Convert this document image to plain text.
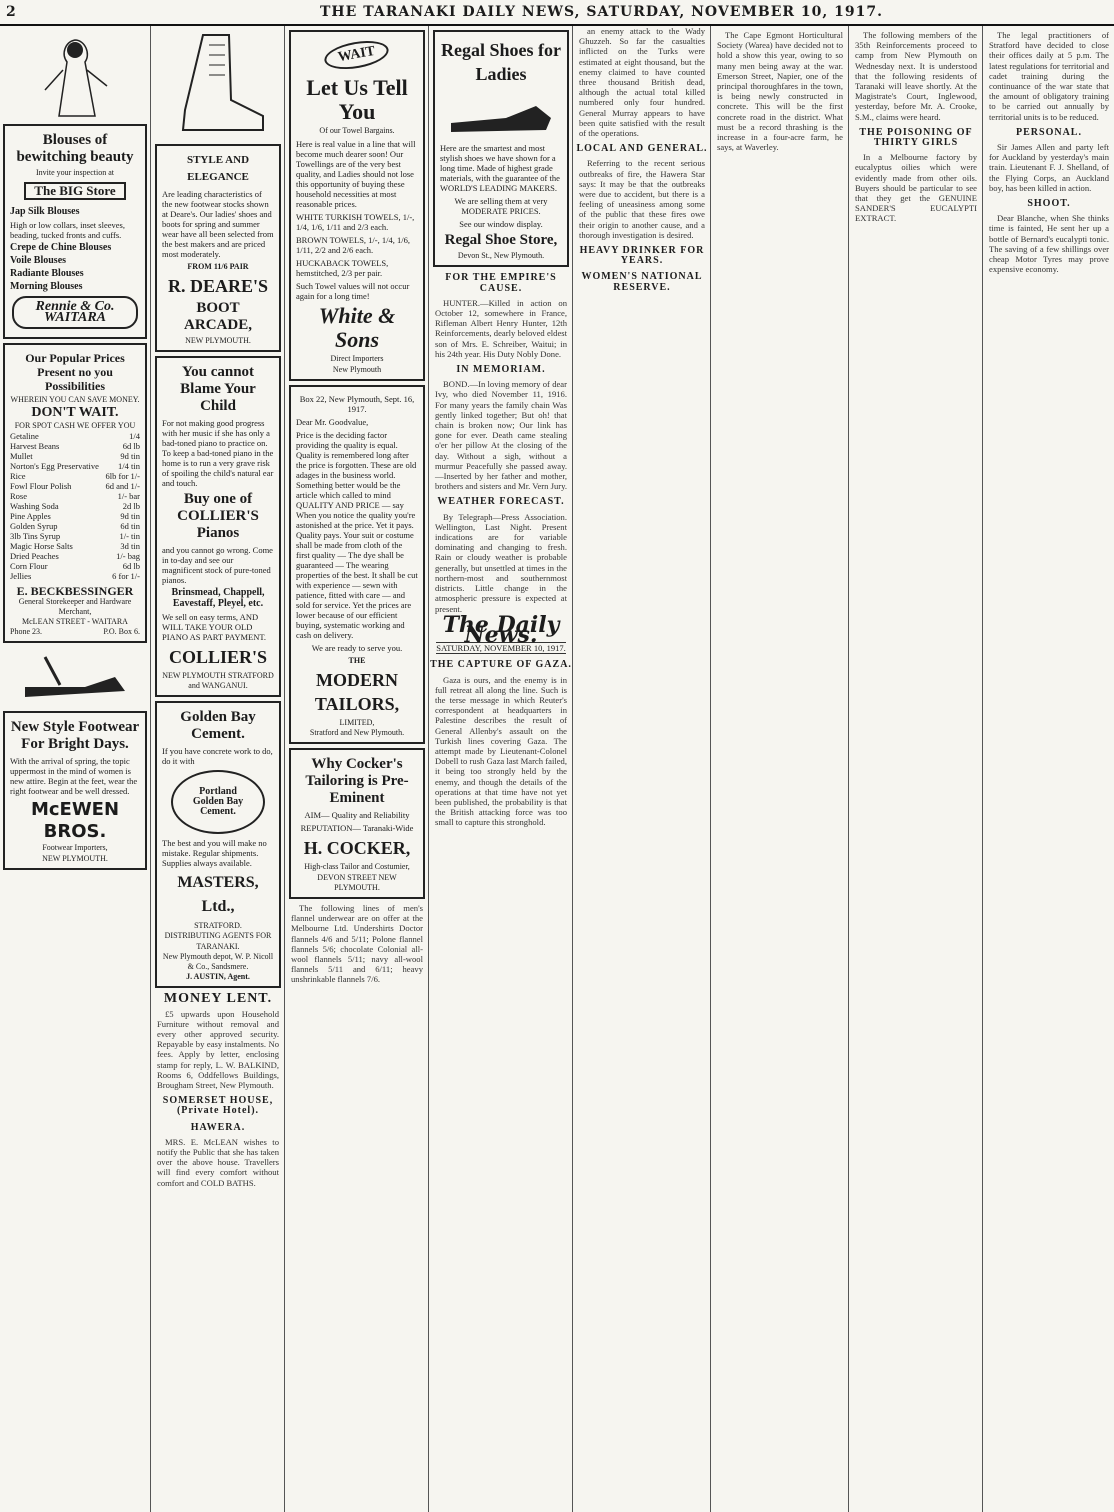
2	THE TARANAKI DAILY NEWS, SATURDAY, NOVEMBER 10, 1917.
Blouses of bewitching beauty
Invite your inspection at
The BIG Store

Jap Silk Blouses

High or low collars, inset sleeves, beading, tucked fronts and cuffs.

Crepe de Chine Blouses

Voile Blouses

Radiante Blouses

Morning Blouses

Rennie & Co. WAITARA
Our Popular Prices Present no you Possibilities
WHEREIN YOU CAN SAVE MONEY.
DON'T WAIT.
FOR SPOT CASH WE OFFER YOU
Getaline	1/4
Harvest Beans	6d lb
Mullet	9d tin
Norton's Egg Preservative 1/4 tin
Rice	6lb for 1/-
Fowl Flour Polish	6d and 1/-
Rose	1/- bar
Washing Soda	2d lb
Pine Apples	9d tin
Golden Syrup	6d tin
3lb Tins Syrup	1/- tin
Magic Horse Salts	3d tin
Dried Peaches	1/- bag
Corn Flour	6d lb
Jellies	6 for 1/-
E. BECKBESSINGER
General Storekeeper and Hardware Merchant,
McLEAN STREET - WAITARA
Phone 23.	P.O. Box 6.
New Style Footwear For Bright Days.

With the arrival of spring, the topic uppermost in the mind of women is new attire. Begin at the feet, wear the right footwear and be well dressed.

McEWEN BROS.
Footwear Importers,
NEW PLYMOUTH.
STYLE AND ELEGANCE

Are leading characteristics of the new footwear stocks shown at Deare's. Our ladies' shoes and boots for spring and summer wear have all been selected from the best makers and are priced most moderately.

FROM 11/6 PAIR
R. DEARE'S
BOOT ARCADE,
NEW PLYMOUTH.
You cannot Blame Your Child

For not making good progress with her music if she has only a bad-toned piano to practice on. To keep a bad-toned piano in the home is to run a very grave risk of spoiling the child's natural ear and touch.

Buy one of COLLIER'S Pianos

and you cannot go wrong. Come in to-day and see our magnificent stock of pure-toned pianos.

Brinsmead, Chappell, Eavestaff, Pleyel, etc.

We sell on easy terms, AND WILL TAKE YOUR OLD PIANO AS PART PAYMENT.

COLLIER'S
NEW PLYMOUTH STRATFORD and WANGANUI.
Golden Bay Cement.

If you have concrete work to do, do it with

Portland
Golden Bay
Cement.

The best and you will make no mistake. Regular shipments. Supplies always available.

MASTERS, Ltd.,
STRATFORD.
DISTRIBUTING AGENTS FOR TARANAKI.
New Plymouth depot, W. P. Nicoll & Co., Sandsmere.
J. AUSTIN, Agent.
MONEY LENT.

£5 upwards upon Household Furniture without removal and every other approved security. Repayable by easy instalments. No fees. Apply by letter, enclosing stamp for reply, L. W. BALKIND, Rooms 6, Oddfellows Buildings, Brougham Street, New Plymouth.

SOMERSET HOUSE, (Private Hotel).
HAWERA.

MRS. E. McLEAN wishes to notify the Public that she has taken over the above house. Travellers will find every comfort without comfort and COLD BATHS.

WAIT
Let Us Tell You
Of our Towel Bargains.

Here is real value in a line that will become much dearer soon! Our Towellings are of the very best quality, and Ladies should not lose this opportunity of buying these household necessities at most reasonable prices.

WHITE TURKISH TOWELS, 1/-, 1/4, 1/6, 1/11 and 2/3 each.

BROWN TOWELS, 1/-, 1/4, 1/6, 1/11, 2/2 and 2/6 each.

HUCKABACK TOWELS, hemstitched, 2/3 per pair.

Such Towel values will not occur again for a long time!

White & Sons
Direct Importers
New Plymouth

Box 22, New Plymouth, Sept. 16, 1917.

Dear Mr. Goodvalue,

Price is the deciding factor providing the quality is equal. Quality is remembered long after the price is forgotten. These are old adages in the business world. Something better would be the article which called to mind QUALITY AND PRICE — say When you notice the quality you're astonished at the price. Yet it pays. Quality pays. Your suit or costume shall be made from cloth of the first quality — The dye shall be guaranteed — The wearing properties of the best. It shall be cut with experience — sewn with patience, fitted with care — and sold for service. Yet the prices are lower because of our efficient buying, systematic working and cash on delivery.

We are ready to serve you.

THE
MODERN TAILORS,
LIMITED,
Stratford and New Plymouth.
Why Cocker's Tailoring is Pre-Eminent

AIM— Quality and Reliability

REPUTATION— Taranaki-Wide

H. COCKER,
High-class Tailor and Costumier,
DEVON STREET NEW PLYMOUTH.

The following lines of men's flannel underwear are on offer at the Melbourne Ltd. Undershirts Doctor flannels 4/6 and 5/11; Polone flannel flannels 5/6; chocolate Colonial all-wool flannels 5/11; navy all-wool flannels 5/11 and 6/11; heavy unshrinkable flannels 7/6.

Regal Shoes for Ladies

Here are the smartest and most stylish shoes we have shown for a long time. Made of highest grade materials, with the guarantee of the WORLD'S LEADING MAKERS.

We are selling them at very MODERATE PRICES.

See our window display.

Regal Shoe Store,
Devon St., New Plymouth.
FOR THE EMPIRE'S CAUSE.

HUNTER.—Killed in action on October 12, somewhere in France, Rifleman Albert Henry Hunter, 12th Reinforcements, dearly beloved eldest son of Mrs. E. Schreiber, Waitui; in his 24th year. His Duty Nobly Done.

IN MEMORIAM.

BOND.—In loving memory of dear Ivy, who died November 11, 1916. For many years the family chain Was gently linked together; But oh! that chain is broken now; Our link has gone for ever. Death came stealing o'er her pillow At the closing of the day. Without a sigh, without a murmur Peacefully she passed away. —Inserted by her father and mother, brothers and sisters and Mr. Vern Jury.

WEATHER FORECAST.

By Telegraph—Press Association. Wellington, Last Night. Present indications are for variable dominating and changing to fresh. Rain or cloudy weather is probable generally, but unsettled at times in the northern-most and southernmost districts. Little change in the atmospheric pressure is expected at present.

The Daily News.
SATURDAY, NOVEMBER 10, 1917.
THE CAPTURE OF GAZA.

Gaza is ours, and the enemy is in full retreat all along the line. Such is the terse message in which Reuter's correspondent at headquarters in Palestine describes the result of General Allenby's assault on the Turkish lines covering Gaza. The attempt made by Lieutenant-Colonel Dobell to rush Gaza last March failed, it being too strongly held by the enemy, and though the details of the operations at that time have not yet been published, the probability is that the British attacking force was too small to capture this stronghold.

an enemy attack to the Wady Ghuzzeh. So far the casualties inflicted on the Turks were estimated at eight thousand, but the enemy claimed to have counted three thousand British dead, although the actual total killed numbered only four hundred. General Murray appears to have been quite satisfied with the result of the operations.

LOCAL AND GENERAL.

Referring to the recent serious outbreaks of fire, the Hawera Star says: It may be that the outbreaks were due to accident, but there is a feeling of uneasiness among some of the public that these fires owe their origin to another cause, and a thorough investigation is desired.

HEAVY DRINKER FOR YEARS.
WOMEN'S NATIONAL RESERVE.

The Cape Egmont Horticultural Society (Warea) have decided not to hold a show this year, owing to so many men being away at the war. Emerson Street, Napier, one of the principal thoroughfares in the town, is being newly constructed in concrete. This will be the first concrete road in the district. What must be a record thrashing is the increase in a four-acre farm, he says, at Waverley.

The following members of the 35th Reinforcements proceed to camp from New Plymouth on Wednesday next. It is understood that the following residents of Taranaki will leave shortly. At the Magistrate's Court, Inglewood, yesterday, before Mr. A. Crooke, S.M., claims were heard.

THE POISONING OF THIRTY GIRLS

In a Melbourne factory by eucalyptus oilies which were evidently made from other oils. Buyers should be particular to see that they get the GENUINE SANDER'S EUCALYPTI EXTRACT.

The legal practitioners of Stratford have decided to close their offices daily at 5 p.m. The latest regulations for territorial and cadet training during the continuance of the war state that the amount of obligatory training to be carried out annually by territorial units is to be reduced.

PERSONAL.

Sir James Allen and party left for Auckland by yesterday's main train. Lieutenant F. J. Shelland, of the Flying Corps, an Auckland boy, has been killed in action.

SHOOT.

Dear Blanche, when She thinks time is fainted, He sent her up a bottle of Bernard's eucalypti tonic. The saving of a few shillings over cheap Motor Tyres may prove expensive economy.
